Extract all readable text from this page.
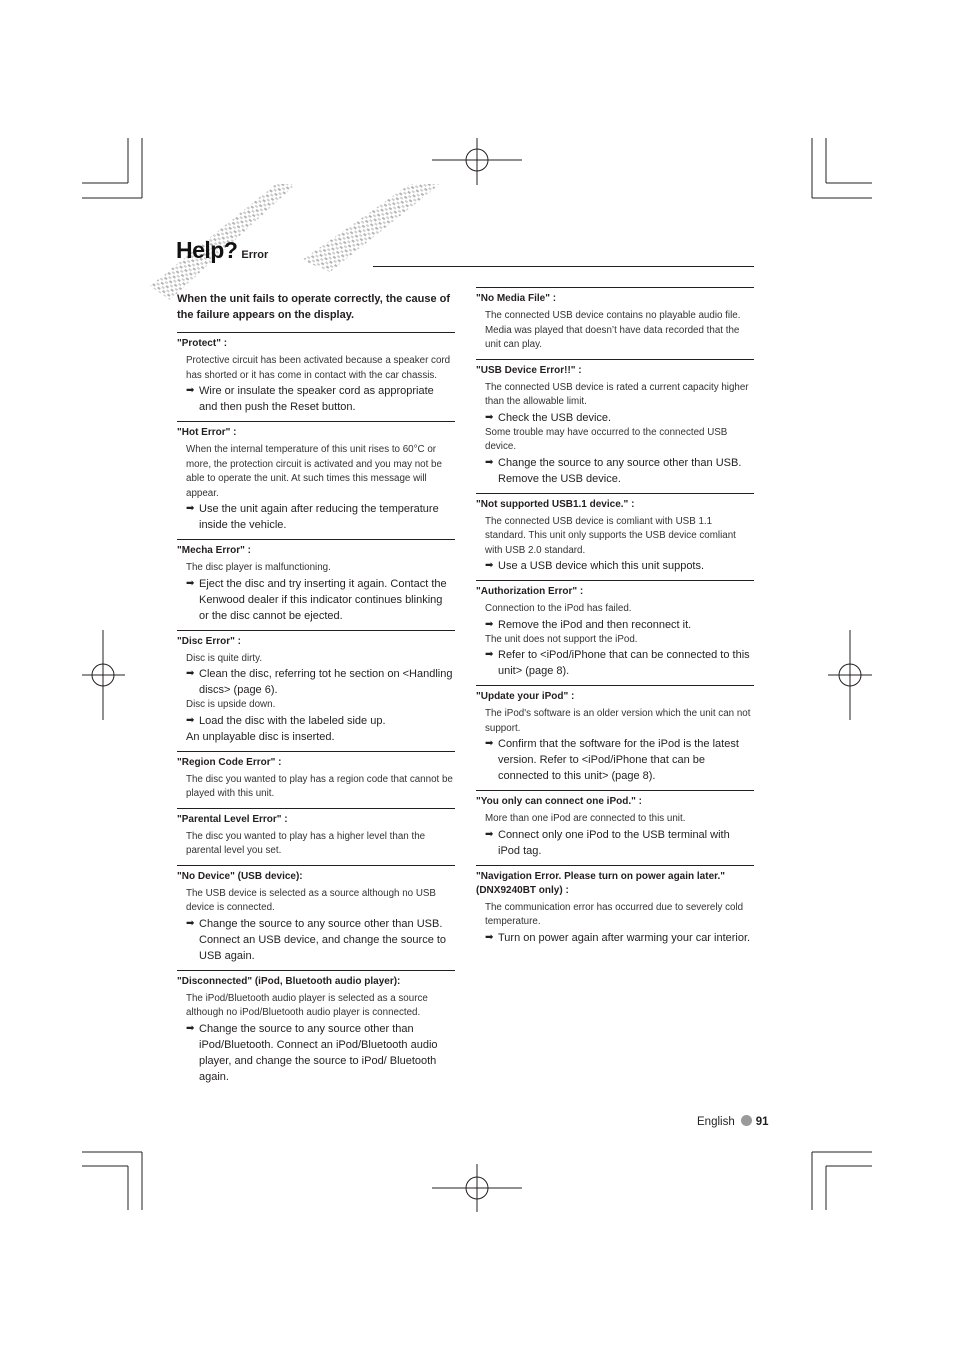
Help? Error
When the unit fails to operate correctly, the cause of the failure appears on the display.
"Protect" :
Protective circuit has been activated because a speaker cord has shorted or it has come in contact with the car chassis.
➡ Wire or insulate the speaker cord as appropriate and then push the Reset button.
"Hot Error" :
When the internal temperature of this unit rises to 60°C or more, the protection circuit is activated and you may not be able to operate the unit. At such times this message will appear.
➡ Use the unit again after reducing the temperature inside the vehicle.
"Mecha Error" :
The disc player is malfunctioning.
➡ Eject the disc and try inserting it again. Contact the Kenwood dealer if this indicator continues blinking or the disc cannot be ejected.
"Disc Error" :
Disc is quite dirty.
➡ Clean the disc, referring tot he section on <Handling discs> (page 6).
Disc is upside down.
➡ Load the disc with the labeled side up.
An unplayable disc is inserted.
"Region Code Error" :
The disc you wanted to play has a region code that cannot be played with this unit.
"Parental Level Error" :
The disc you wanted to play has a higher level than the parental level you set.
"No Device" (USB device):
The USB device is selected as a source although no USB device is connected.
➡ Change the source to any source other than USB. Connect an USB device, and change the source to USB again.
"Disconnected" (iPod, Bluetooth audio player):
The iPod/Bluetooth audio player is selected as a source although no iPod/Bluetooth audio player is connected.
➡ Change the source to any source other than iPod/Bluetooth. Connect an iPod/Bluetooth audio player, and change the source to iPod/ Bluetooth again.
"No Media File" :
The connected USB device contains no playable audio file.
Media was played that doesn’t have data recorded that the unit can play.
"USB Device Error!!" :
The connected USB device is rated a current capacity higher than the allowable limit.
➡ Check the USB device.
Some trouble may have occurred to the connected USB device.
➡ Change the source to any source other than USB. Remove the USB device.
"Not supported USB1.1 device." :
The connected USB device is comliant with USB 1.1 standard. This unit only supports the USB device comliant with USB 2.0 standard.
➡ Use a USB device which this unit suppots.
"Authorization Error" :
Connection to the iPod has failed.
➡ Remove the iPod and then reconnect it.
The unit does not support the iPod.
➡ Refer to <iPod/iPhone that can be connected to this unit> (page 8).
"Update your iPod" :
The iPod's software is an older version which the unit can not support.
➡ Confirm that the software for the iPod is the latest version. Refer to <iPod/iPhone that can be connected to this unit> (page 8).
"You only can connect one iPod." :
More than one iPod are connected to this unit.
➡ Connect only one iPod to the USB terminal with iPod tag.
"Navigation Error. Please turn on power again later." (DNX9240BT only) :
The communication error has occurred due to severely cold temperature.
➡ Turn on power again after warming your car interior.
English 91
